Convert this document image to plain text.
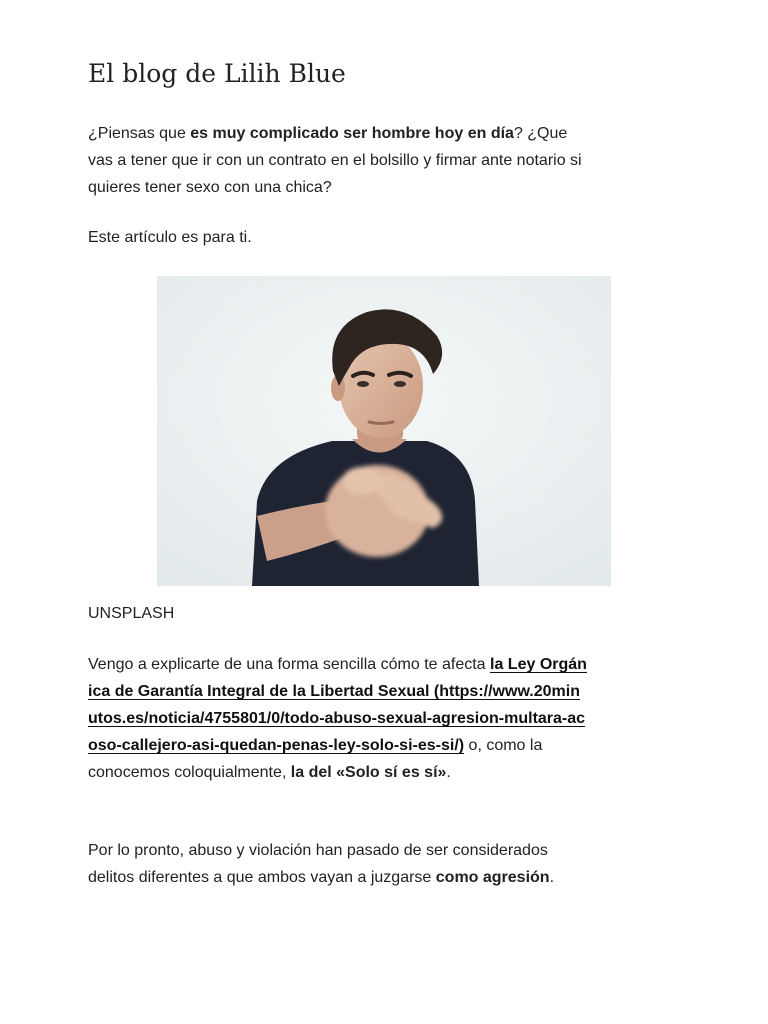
El blog de Lilih Blue

¿Piensas que es muy complicado ser hombre hoy en día? ¿Que vas a tener que ir con un contrato en el bolsillo y firmar ante notario si quieres tener sexo con una chica?

Este artículo es para ti.

UNSPLASH

Vengo a explicarte de una forma sencilla cómo te afecta la Ley Orgánica de Garantía Integral de la Libertad Sexual (https://www.20minutos.es/noticia/4755801/0/todo-abuso-sexual-agresion-multara-acoso-callejero-asi-quedan-penas-ley-solo-si-es-si/) o, como la conocemos coloquialmente, la del «Solo sí es sí».

Por lo pronto, abuso y violación han pasado de ser considerados delitos diferentes a que ambos vayan a juzgarse como agresión.
